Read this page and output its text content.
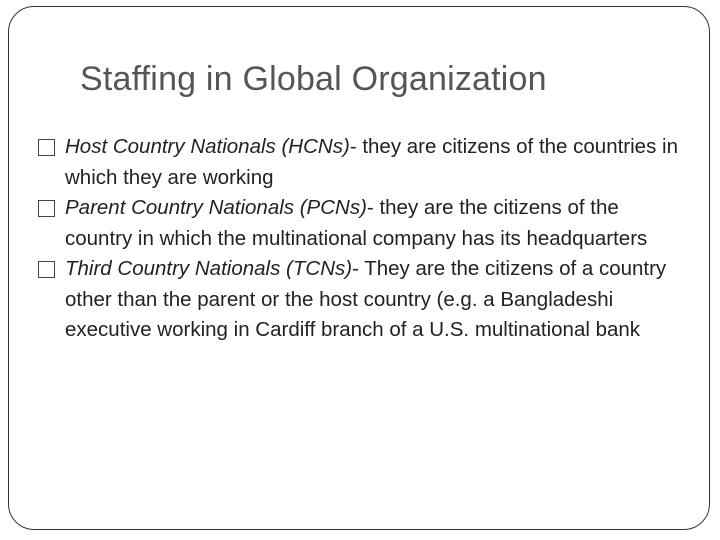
Staffing in Global Organization
Host Country Nationals (HCNs)- they are citizens of the countries in which they are working
Parent Country Nationals (PCNs)- they are the citizens of the country in which the multinational company has its headquarters
Third Country Nationals (TCNs)- They are the citizens of a country other than the parent or the host country (e.g. a Bangladeshi executive working in Cardiff branch of a U.S. multinational bank
